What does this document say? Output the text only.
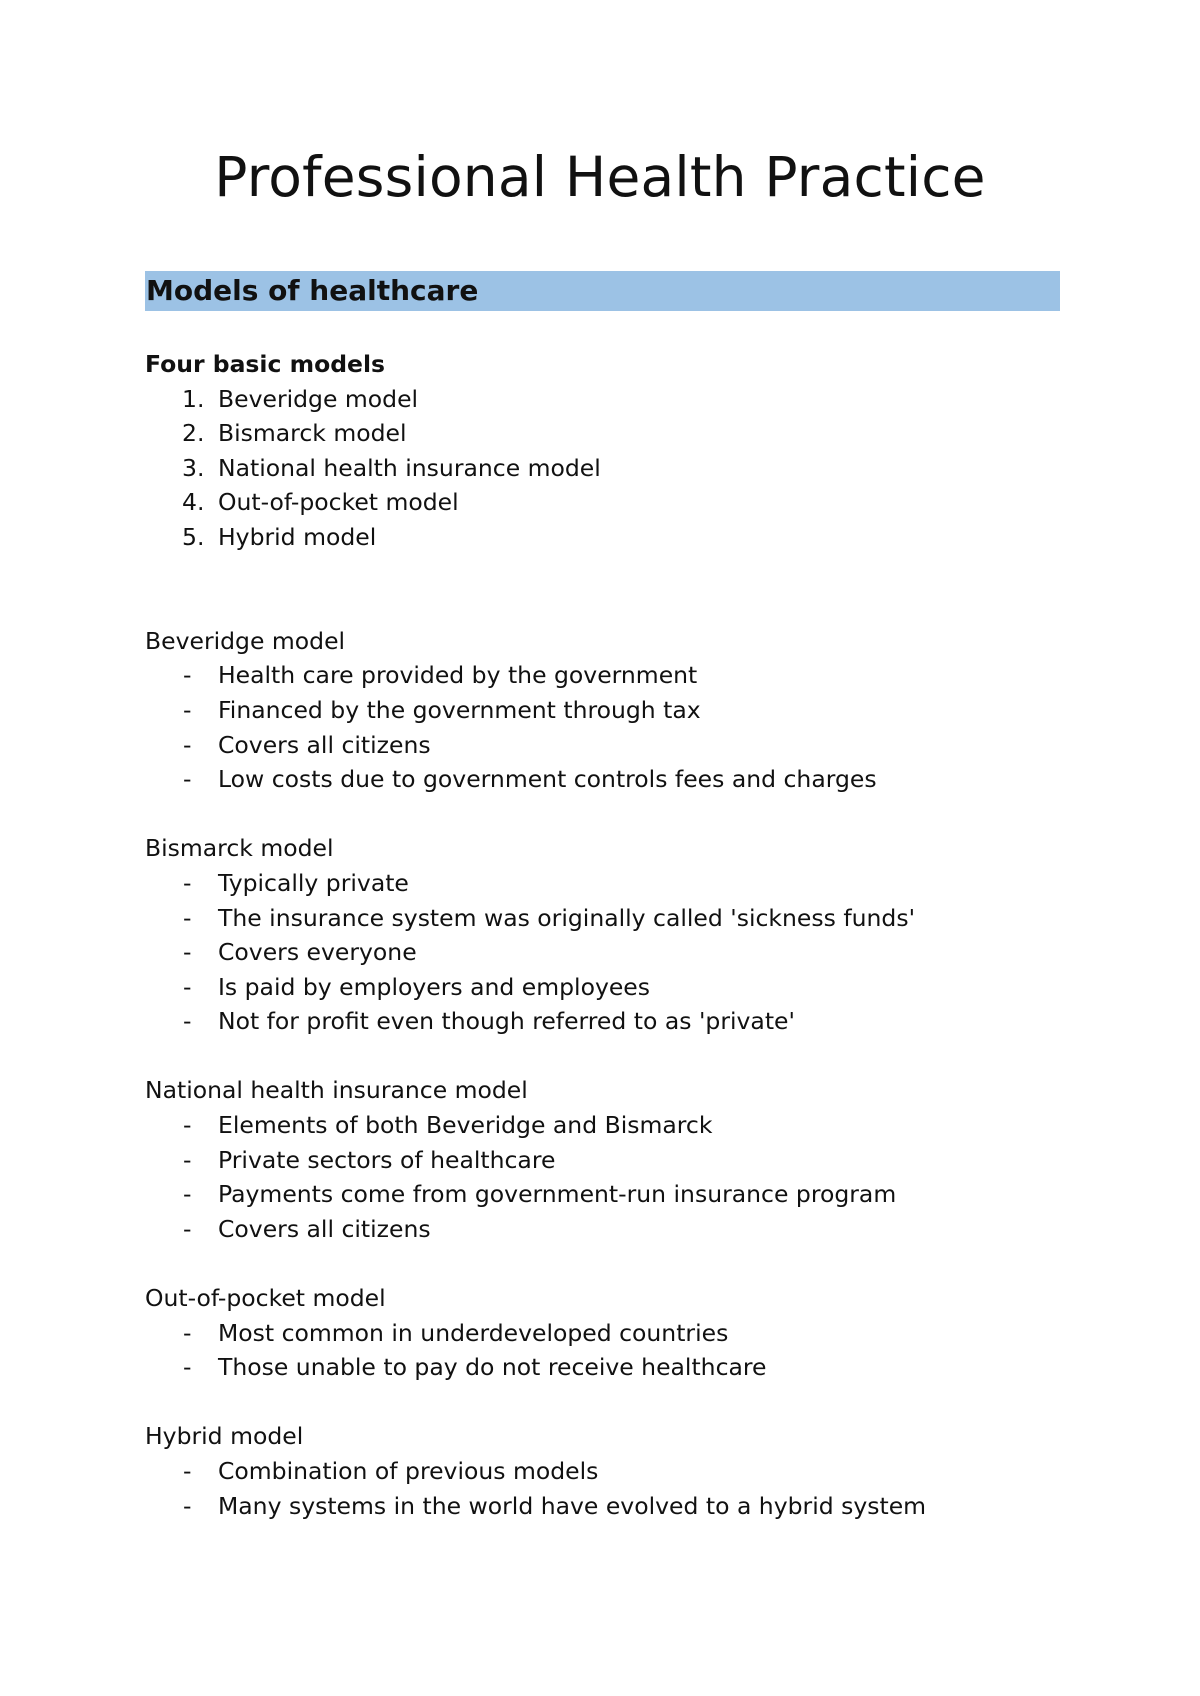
Professional Health Practice
Models of healthcare
Four basic models
1. Beveridge model
2. Bismarck model
3. National health insurance model
4. Out-of-pocket model
5. Hybrid model
Beveridge model
- Health care provided by the government
- Financed by the government through tax
- Covers all citizens
- Low costs due to government controls fees and charges
Bismarck model
- Typically private
- The insurance system was originally called 'sickness funds'
- Covers everyone
- Is paid by employers and employees
- Not for profit even though referred to as 'private'
National health insurance model
- Elements of both Beveridge and Bismarck
- Private sectors of healthcare
- Payments come from government-run insurance program
- Covers all citizens
Out-of-pocket model
- Most common in underdeveloped countries
- Those unable to pay do not receive healthcare
Hybrid model
- Combination of previous models
- Many systems in the world have evolved to a hybrid system
